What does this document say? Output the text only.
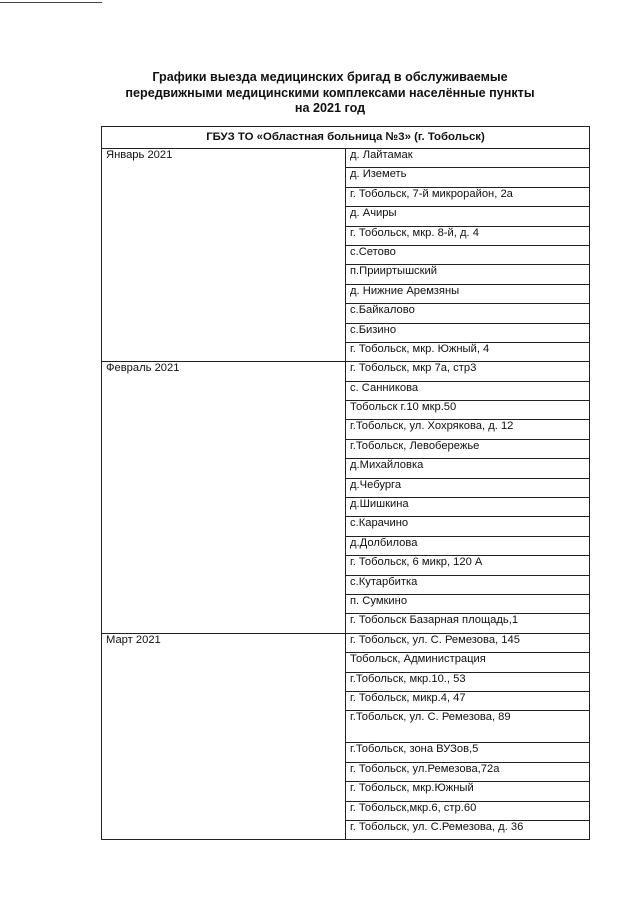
Графики выезда медицинских бригад в обслуживаемые
передвижными медицинскими комплексами населённые пункты
на 2021 год
ГБУЗ ТО «Областная больница №3» (г. Тобольск)	
Январь 2021	д. Лайтамак
	д. Иземеть
	г. Тобольск, 7-й микрорайон, 2а
	д. Ачиры
	г. Тобольск, мкр. 8-й, д. 4
	с.Сетово
	п.Прииртышский
	д. Нижние Аремзяны
	с.Байкалово
	с.Бизино
	г. Тобольск, мкр. Южный, 4
Февраль 2021	г. Тобольск, мкр 7а, стр3
	с. Санникова
	Тобольск г.10 мкр.50
	г.Тобольск, ул. Хохрякова, д. 12
	г.Тобольск, Левобережье
	д.Михайловка
	д.Чебурга
	д.Шишкина
	с.Карачино
	д.Долбилова
	г. Тобольск, 6 микр, 120 А
	с.Кутарбитка
	п. Сумкино
	г. Тобольск Базарная площадь,1
Март 2021	г. Тобольск, ул. С. Ремезова, 145
	Тобольск, Администрация
	г.Тобольск, мкр.10., 53
	г. Тобольск, микр.4, 47
	г.Тобольск, ул. С. Ремезова, 89
	г.Тобольск, зона ВУЗов,5
	г. Тобольск, ул.Ремезова,72а
	г. Тобольск, мкр.Южный
	г. Тобольск,мкр.6, стр.60
	г. Тобольск, ул. С.Ремезова, д. 36
